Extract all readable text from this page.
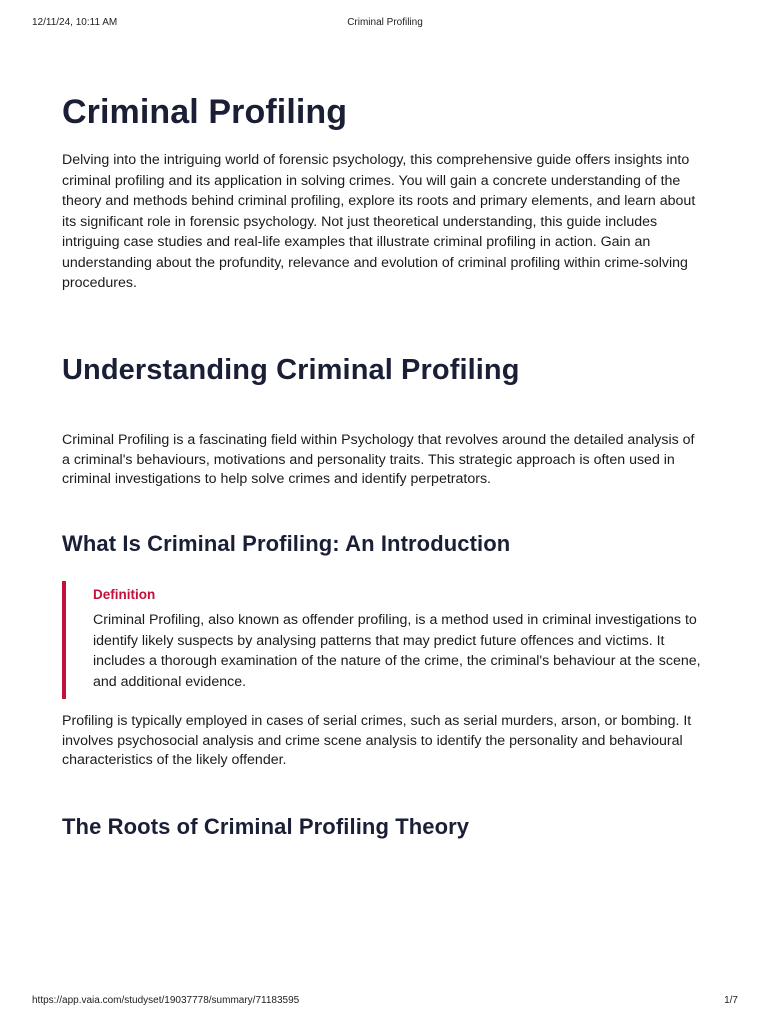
12/11/24, 10:11 AM	Criminal Profiling
Criminal Profiling

Delving into the intriguing world of forensic psychology, this comprehensive guide offers insights into criminal profiling and its application in solving crimes. You will gain a concrete understanding of the theory and methods behind criminal profiling, explore its roots and primary elements, and learn about its significant role in forensic psychology. Not just theoretical understanding, this guide includes intriguing case studies and real-life examples that illustrate criminal profiling in action. Gain an understanding about the profundity, relevance and evolution of criminal profiling within crime-solving procedures.

Understanding Criminal Profiling

Criminal Profiling is a fascinating field within Psychology that revolves around the detailed analysis of a criminal's behaviours, motivations and personality traits. This strategic approach is often used in criminal investigations to help solve crimes and identify perpetrators.

What Is Criminal Profiling: An Introduction
Definition

Criminal Profiling, also known as offender profiling, is a method used in criminal investigations to identify likely suspects by analysing patterns that may predict future offences and victims. It includes a thorough examination of the nature of the crime, the criminal's behaviour at the scene, and additional evidence.

Profiling is typically employed in cases of serial crimes, such as serial murders, arson, or bombing. It involves psychosocial analysis and crime scene analysis to identify the personality and behavioural characteristics of the likely offender.

The Roots of Criminal Profiling Theory
https://app.vaia.com/studyset/19037778/summary/71183595	1/7
